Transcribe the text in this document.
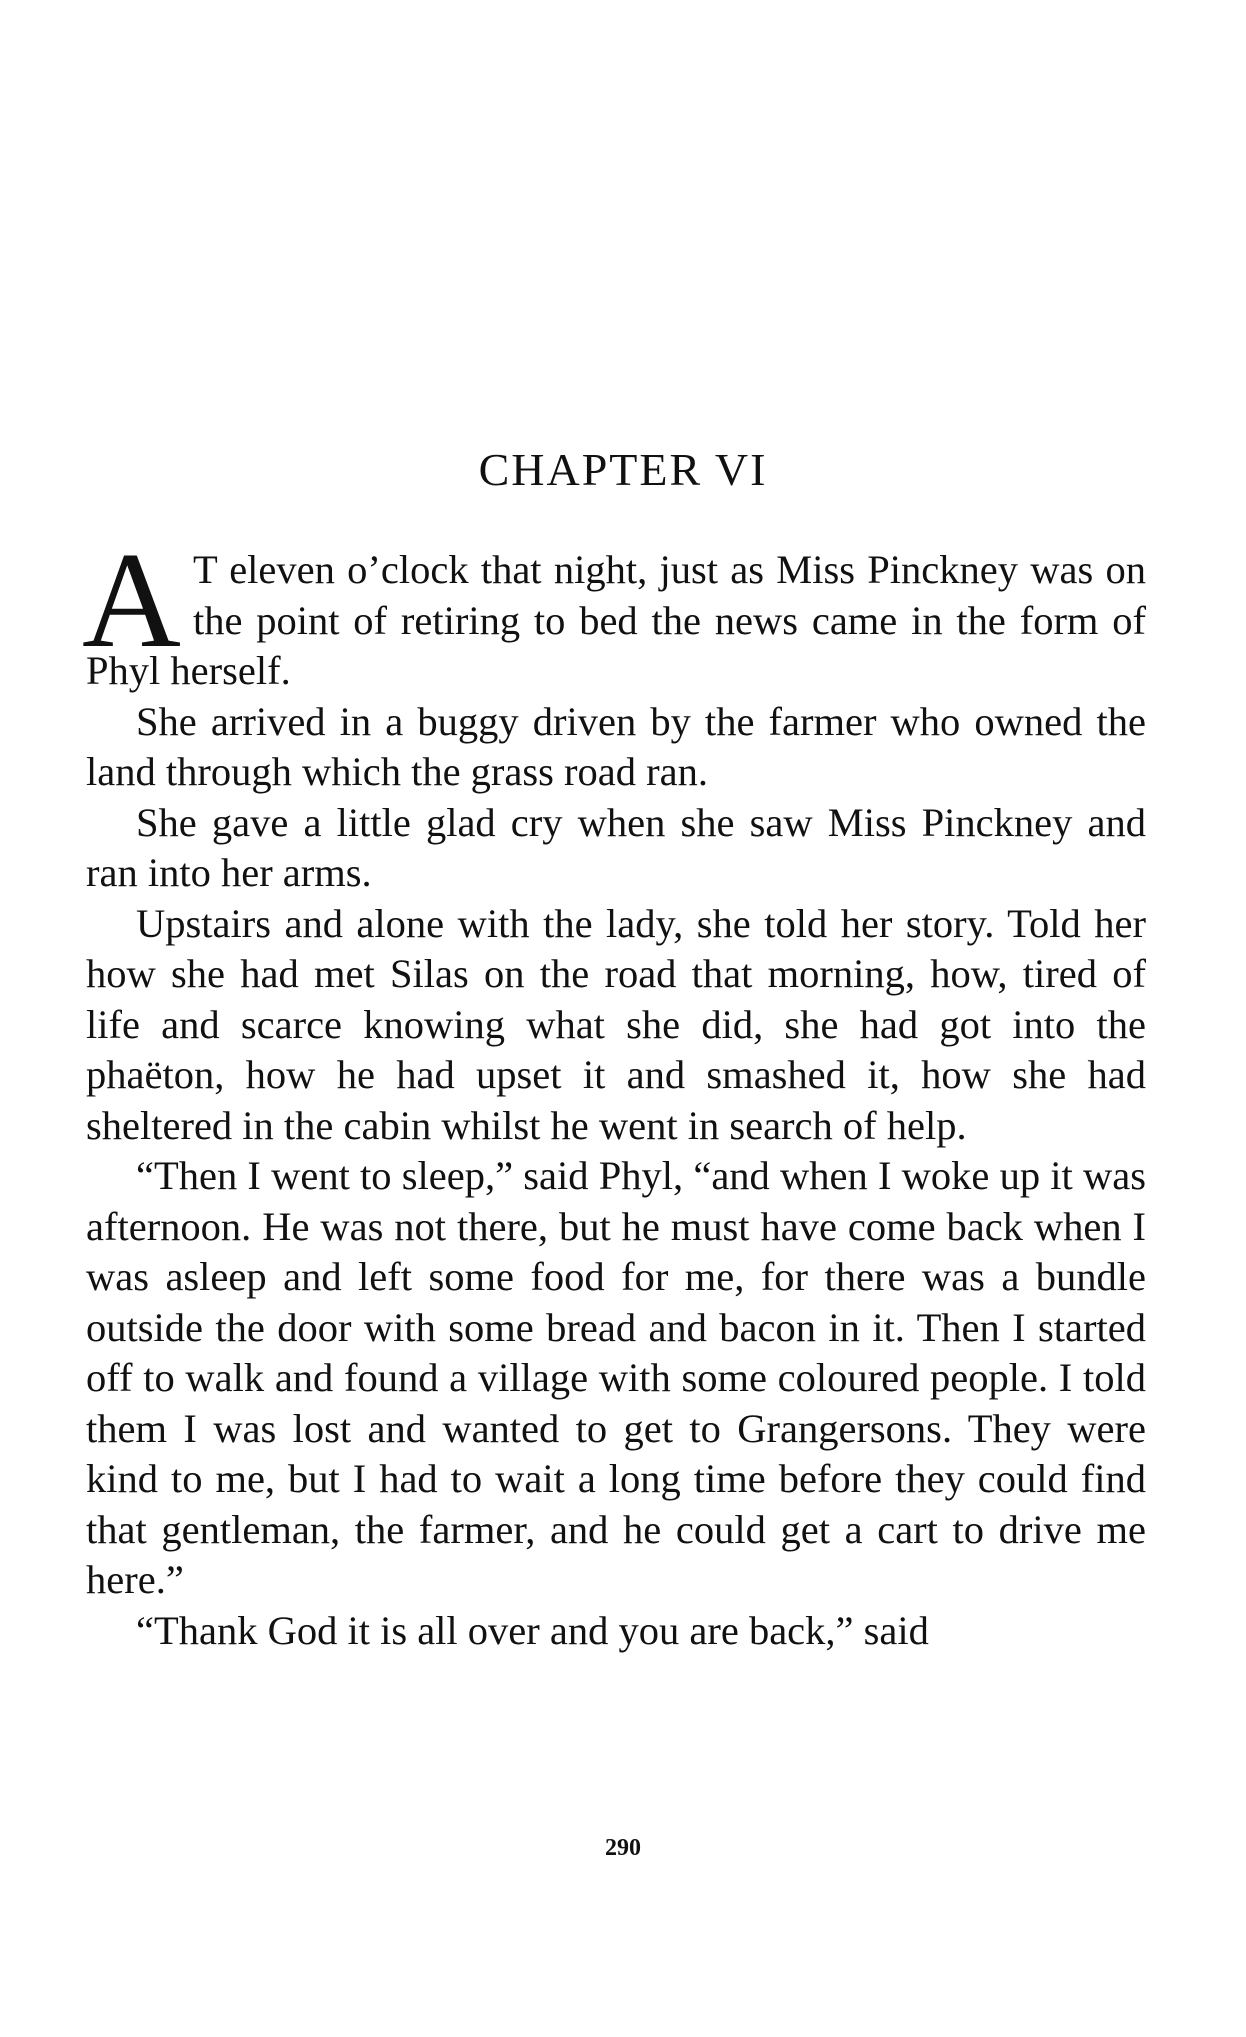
CHAPTER VI

A T eleven o’clock that night, just as Miss Pinckney was on the point of retiring to bed the news came in the form of Phyl herself.

She arrived in a buggy driven by the farmer who owned the land through which the grass road ran.

She gave a little glad cry when she saw Miss Pinckney and ran into her arms.

Upstairs and alone with the lady, she told her story. Told her how she had met Silas on the road that morning, how, tired of life and scarce knowing what she did, she had got into the phaëton, how he had upset it and smashed it, how she had sheltered in the cabin whilst he went in search of help.

“Then I went to sleep,” said Phyl, “and when I woke up it was afternoon. He was not there, but he must have come back when I was asleep and left some food for me, for there was a bundle outside the door with some bread and bacon in it. Then I started off to walk and found a village with some coloured people. I told them I was lost and wanted to get to Grangersons. They were kind to me, but I had to wait a long time before they could find that gentleman, the farmer, and he could get a cart to drive me here.”

“Thank God it is all over and you are back,” said

290
